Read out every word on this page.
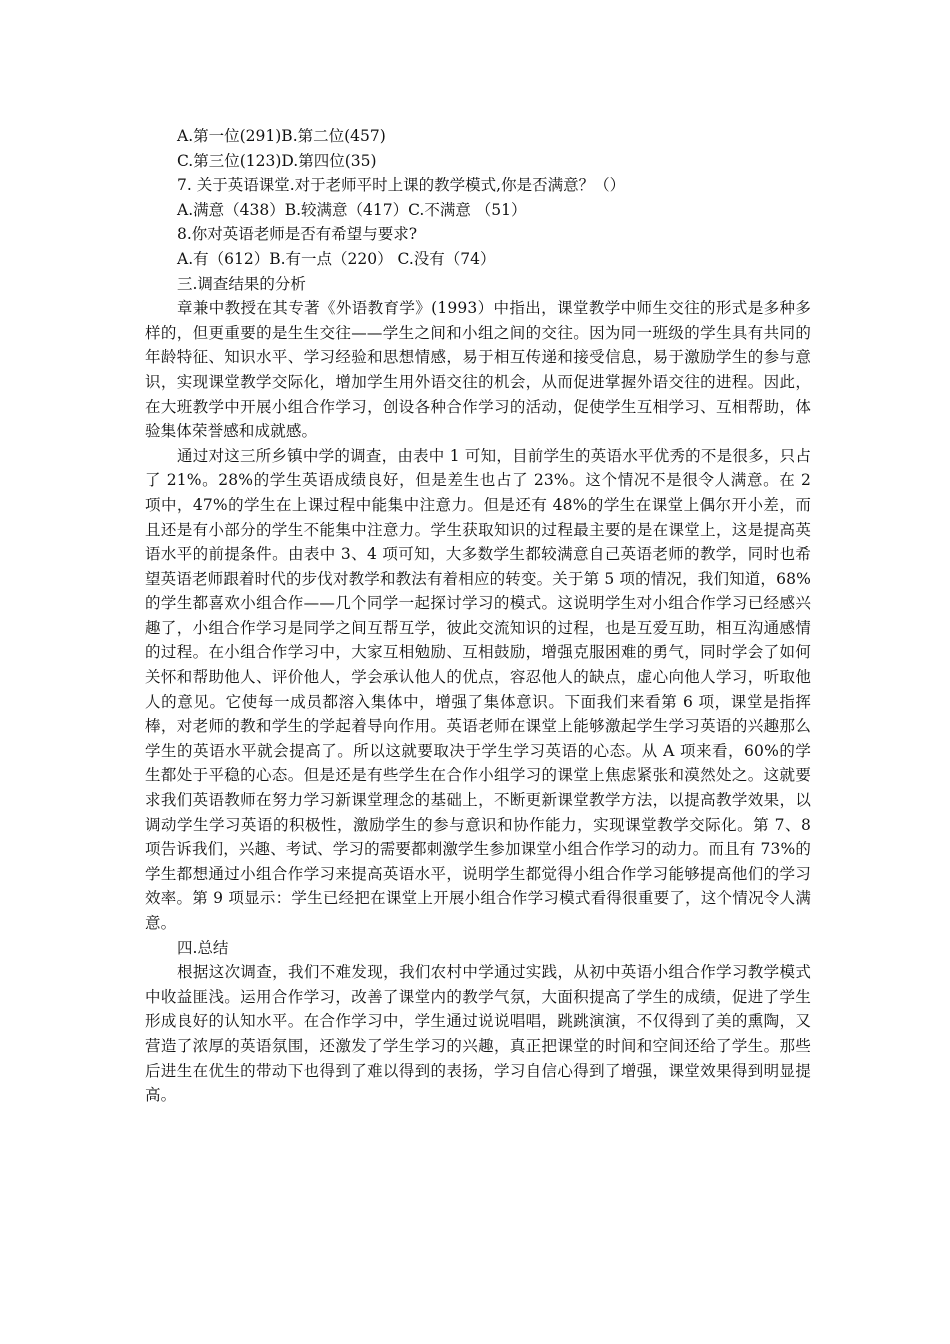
A.第一位(291)B.第二位(457)
C.第三位(123)D.第四位(35)
7. 关于英语课堂.对于老师平时上课的教学模式,你是否满意？（）
A.满意（438）B.较满意（417）C.不满意 （51）
8.你对英语老师是否有希望与要求?
A.有（612）B.有一点（220） C.没有（74）
三.调查结果的分析

章兼中教授在其专著《外语教育学》(1993）中指出，课堂教学中师生交往的形式是多种多样的，但更重要的是生生交往——学生之间和小组之间的交往。因为同一班级的学生具有共同的年龄特征、知识水平、学习经验和思想情感，易于相互传递和接受信息，易于激励学生的参与意识，实现课堂教学交际化，增加学生用外语交往的机会，从而促进掌握外语交往的进程。因此，在大班教学中开展小组合作学习，创设各种合作学习的活动，促使学生互相学习、互相帮助，体验集体荣誉感和成就感。

通过对这三所乡镇中学的调查，由表中 1 可知，目前学生的英语水平优秀的不是很多，只占了 21%。28%的学生英语成绩良好，但是差生也占了 23%。这个情况不是很令人满意。在 2 项中，47%的学生在上课过程中能集中注意力。但是还有 48%的学生在课堂上偶尔开小差，而且还是有小部分的学生不能集中注意力。学生获取知识的过程最主要的是在课堂上，这是提高英语水平的前提条件。由表中 3、4 项可知，大多数学生都较满意自己英语老师的教学，同时也希望英语老师跟着时代的步伐对教学和教法有着相应的转变。关于第 5 项的情况，我们知道，68%的学生都喜欢小组合作——几个同学一起探讨学习的模式。这说明学生对小组合作学习已经感兴趣了，小组合作学习是同学之间互帮互学，彼此交流知识的过程，也是互爱互助，相互沟通感情的过程。在小组合作学习中，大家互相勉励、互相鼓励，增强克服困难的勇气，同时学会了如何关怀和帮助他人、评价他人，学会承认他人的优点，容忍他人的缺点，虚心向他人学习，听取他人的意见。它使每一成员都溶入集体中，增强了集体意识。下面我们来看第 6 项，课堂是指挥棒，对老师的教和学生的学起着导向作用。英语老师在课堂上能够激起学生学习英语的兴趣那么学生的英语水平就会提高了。所以这就要取决于学生学习英语的心态。从 A 项来看，60%的学生都处于平稳的心态。但是还是有些学生在合作小组学习的课堂上焦虑紧张和漠然处之。这就要求我们英语教师在努力学习新课堂理念的基础上，不断更新课堂教学方法，以提高教学效果，以调动学生学习英语的积极性，激励学生的参与意识和协作能力，实现课堂教学交际化。第 7、8 项告诉我们，兴趣、考试、学习的需要都刺激学生参加课堂小组合作学习的动力。而且有 73%的学生都想通过小组合作学习来提高英语水平，说明学生都觉得小组合作学习能够提高他们的学习效率。第 9 项显示：学生已经把在课堂上开展小组合作学习模式看得很重要了，这个情况令人满意。

四.总结

根据这次调查，我们不难发现，我们农村中学通过实践，从初中英语小组合作学习教学模式中收益匪浅。运用合作学习，改善了课堂内的教学气氛，大面积提高了学生的成绩，促进了学生形成良好的认知水平。在合作学习中，学生通过说说唱唱，跳跳演演，不仅得到了美的熏陶，又营造了浓厚的英语氛围，还激发了学生学习的兴趣，真正把课堂的时间和空间还给了学生。那些后进生在优生的带动下也得到了难以得到的表扬，学习自信心得到了增强，课堂效果得到明显提高。
